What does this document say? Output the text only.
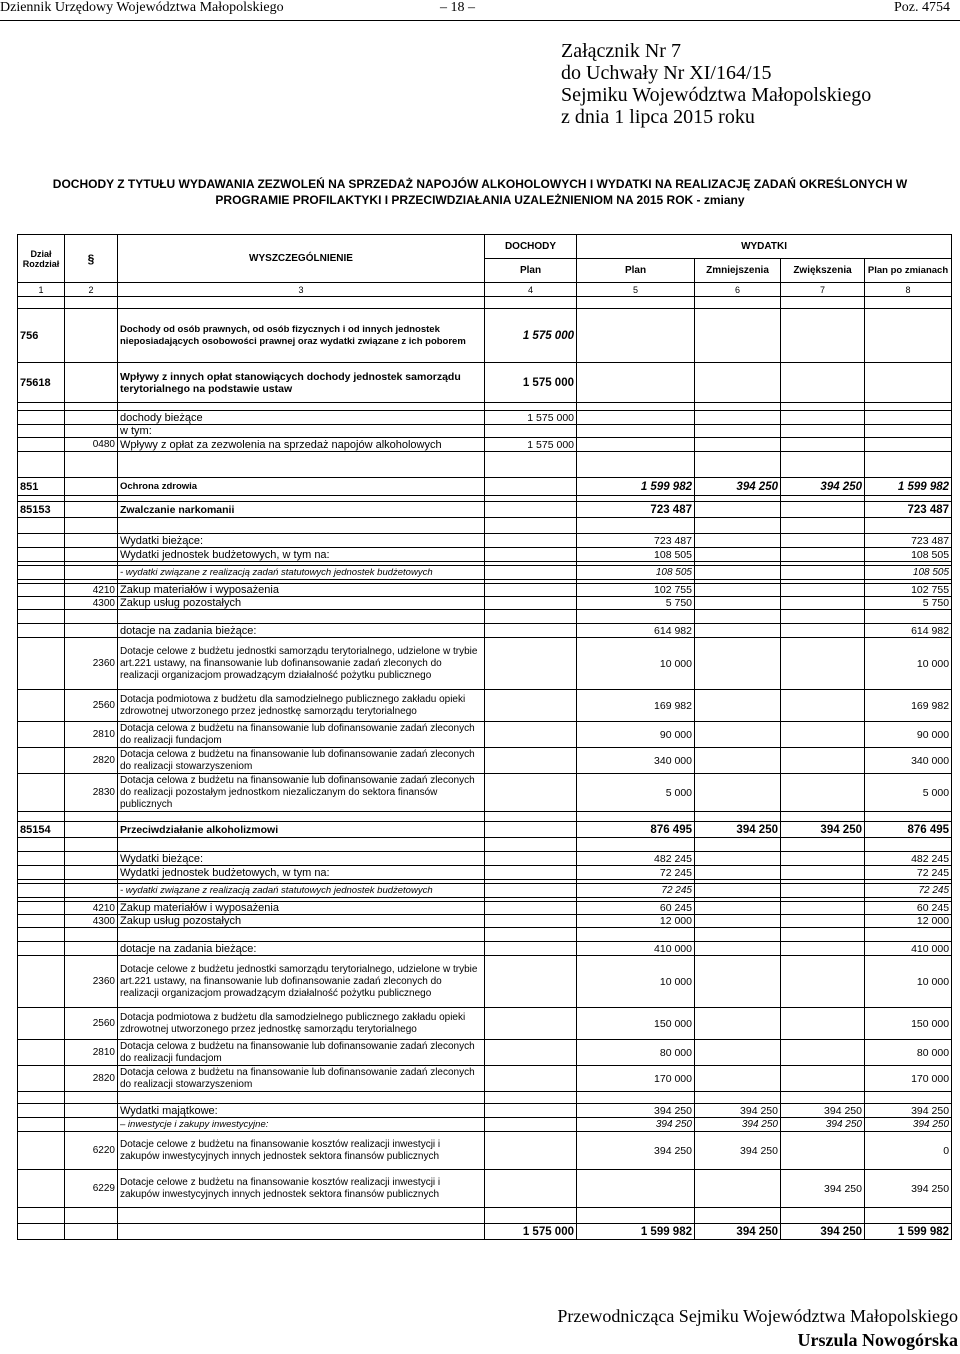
Dziennik Urzędowy Województwa Małopolskiego	– 18 –	Poz. 4754
Załącznik Nr 7
do Uchwały Nr XI/164/15
Sejmiku Województwa Małopolskiego
z dnia 1 lipca 2015 roku
DOCHODY Z TYTUŁU WYDAWANIA ZEZWOLEŃ NA SPRZEDAŻ NAPOJÓW ALKOHOLOWYCH I WYDATKI NA REALIZACJĘ ZADAŃ OKREŚLONYCH W
PROGRAMIE PROFILAKTYKI I PRZECIWDZIAŁANIA UZALEŻNIENIOM NA 2015 ROK - zmiany
Dział
Rozdział	§	WYSZCZEGÓLNIENIE	DOCHODY	WYDATKI			
			Plan	Plan	Zmniejszenia	Zwiększenia	Plan po zmianach
1	2	3	4	5	6	7	8

756		Dochody od osób prawnych, od osób fizycznych i od innych jednostek nieposiadających osobowości prawnej oraz wydatki związane z ich poborem	1 575 000				
75618		Wpływy z innych opłat stanowiących dochody jednostek samorządu terytorialnego na podstawie ustaw	1 575 000				

		dochody bieżące	1 575 000				
		w tym:					
	0480	Wpływy z opłat za zezwolenia na sprzedaż napojów alkoholowych	1 575 000				

851		Ochrona zdrowia		1 599 982	394 250	394 250	1 599 982

85153		Zwalczanie narkomanii		723 487			723 487

		Wydatki bieżące:		723 487			723 487
		Wydatki jednostek budżetowych, w tym na:		108 505			108 505

		- wydatki związane z realizacją zadań statutowych jednostek budżetowych		108 505			108 505

	4210	Zakup materiałów i wyposażenia		102 755			102 755
	4300	Zakup usług pozostałych		5 750			5 750

		dotacje na zadania bieżące:		614 982			614 982
	2360	Dotacje celowe z budżetu jednostki samorządu terytorialnego, udzielone w trybie art.221 ustawy, na finansowanie lub dofinansowanie zadań zleconych do realizacji organizacjom prowadzącym działalność pożytku publicznego		10 000			10 000
	2560	Dotacja podmiotowa z budżetu dla samodzielnego publicznego zakładu opieki zdrowotnej utworzonego przez jednostkę samorządu terytorialnego		169 982			169 982
	2810	Dotacja celowa z budżetu na finansowanie lub dofinansowanie zadań zleconych do realizacji fundacjom		90 000			90 000
	2820	Dotacja celowa z budżetu na finansowanie lub dofinansowanie zadań zleconych do realizacji stowarzyszeniom		340 000			340 000
	2830	Dotacja celowa z budżetu na finansowanie lub dofinansowanie zadań zleconych do realizacji pozostałym jednostkom niezaliczanym do sektora finansów publicznych		5 000			5 000

85154		Przeciwdziałanie alkoholizmowi		876 495	394 250	394 250	876 495

		Wydatki bieżące:		482 245			482 245
		Wydatki jednostek budżetowych, w tym na:		72 245			72 245

		- wydatki związane z realizacją zadań statutowych jednostek budżetowych		72 245			72 245

	4210	Zakup materiałów i wyposażenia		60 245			60 245
	4300	Zakup usług pozostałych		12 000			12 000

		dotacje na zadania bieżące:		410 000			410 000
	2360	Dotacje celowe z budżetu jednostki samorządu terytorialnego, udzielone w trybie art.221 ustawy, na finansowanie lub dofinansowanie zadań zleconych do realizacji organizacjom prowadzącym działalność pożytku publicznego		10 000			10 000
	2560	Dotacja podmiotowa z budżetu dla samodzielnego publicznego zakładu opieki zdrowotnej utworzonego przez jednostkę samorządu terytorialnego		150 000			150 000
	2810	Dotacja celowa z budżetu na finansowanie lub dofinansowanie zadań zleconych do realizacji fundacjom		80 000			80 000
	2820	Dotacja celowa z budżetu na finansowanie lub dofinansowanie zadań zleconych do realizacji stowarzyszeniom		170 000			170 000

		Wydatki majątkowe:		394 250	394 250	394 250	394 250
		– inwestycje i zakupy inwestycyjne:		394 250	394 250	394 250	394 250
	6220	Dotacje celowe z budżetu na finansowanie kosztów realizacji inwestycji i zakupów inwestycyjnych innych jednostek sektora finansów publicznych		394 250	394 250		0
	6229	Dotacje celowe z budżetu na finansowanie kosztów realizacji inwestycji i zakupów inwestycyjnych innych jednostek sektora finansów publicznych				394 250	394 250

			1 575 000	1 599 982	394 250	394 250	1 599 982
Przewodnicząca Sejmiku Województwa Małopolskiego
Urszula Nowogórska
